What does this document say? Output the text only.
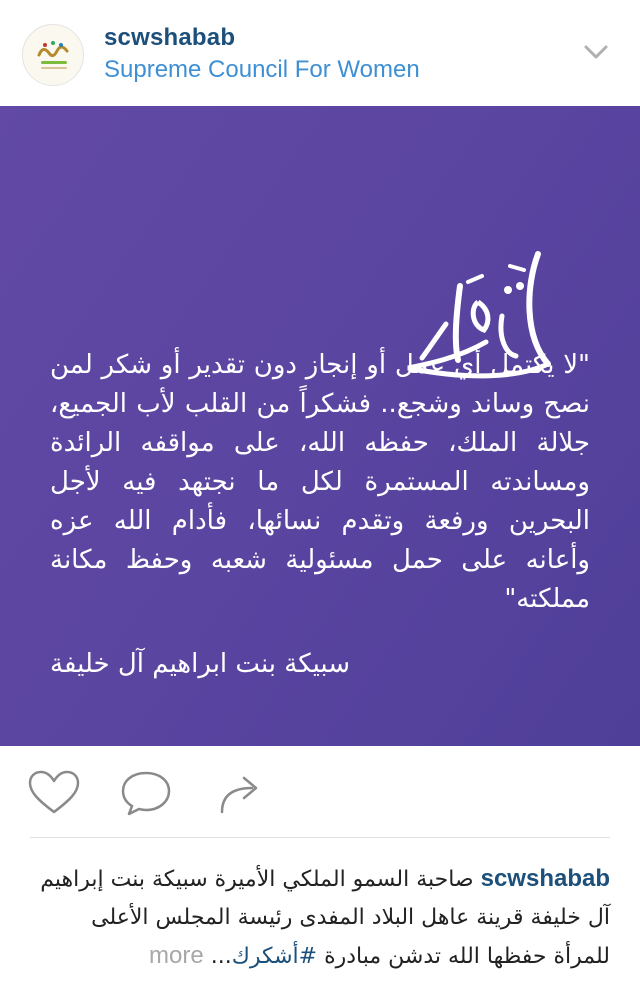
scwshabab
Supreme Council For Women
"لا يكتمل أي عمل أو إنجاز دون تقدير أو شكر لمن نصح وساند وشجع.. فشكراً من القلب لأب الجميع، جلالة الملك، حفظه الله، على مواقفه الرائدة ومساندته المستمرة لكل ما نجتهد فيه لأجل البحرين ورفعة وتقدم نسائها، فأدام الله عزه وأعانه على حمل مسئولية شعبه وحفظ مكانة مملكته"
سبيكة بنت ابراهيم آل خليفة
scwshabab صاحبة السمو الملكي الأميرة سبيكة بنت إبراهيم آل خليفة قرينة عاهل البلاد المفدى رئيسة المجلس الأعلى للمرأة حفظها الله تدشن مبادرة #أشكرك... more
